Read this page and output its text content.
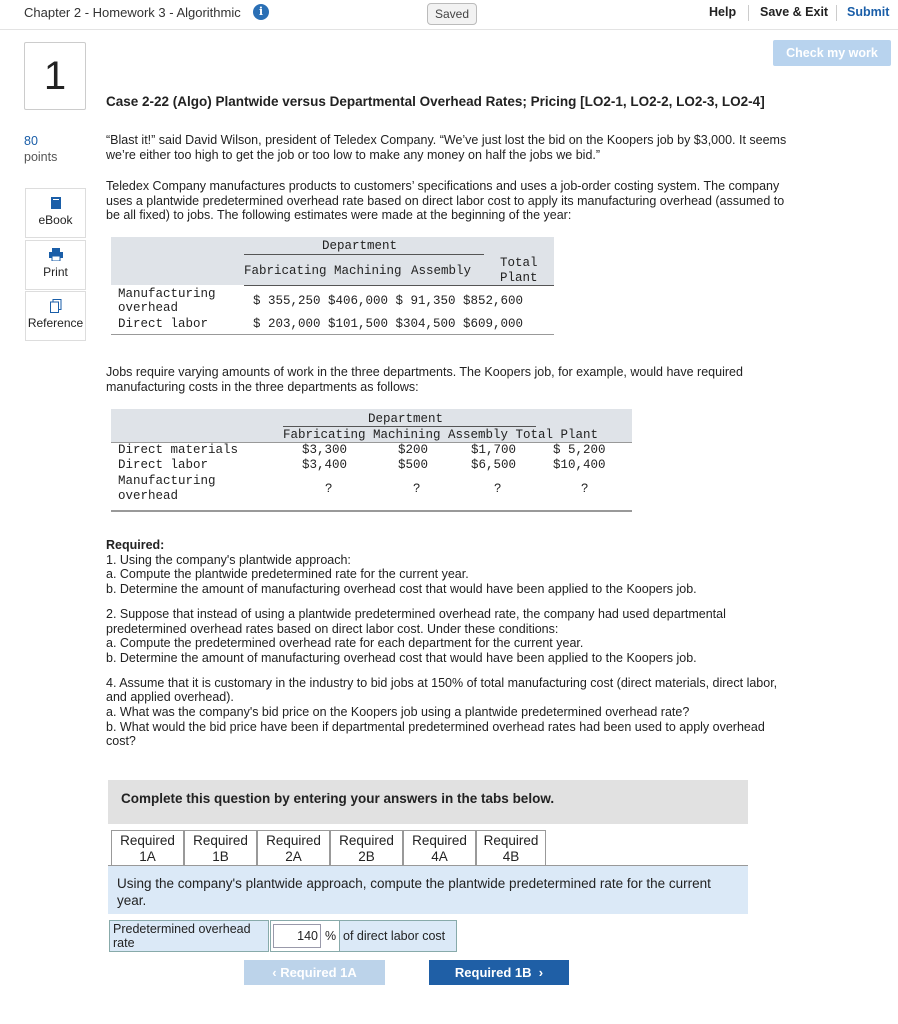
Chapter 2 - Homework 3 - Algorithmic	i	Saved	Help Save & Exit Submit
1
Check my work
80
points
eBook
Print
Reference
Case 2-22 (Algo) Plantwide versus Departmental Overhead Rates; Pricing [LO2-1, LO2-2, LO2-3, LO2-4]
“Blast it!” said David Wilson, president of Teledex Company. “We’ve just lost the bid on the Koopers job by $3,000. It seems we’re either too high to get the job or too low to make any money on half the jobs we bid.”
Teledex Company manufactures products to customers’ specifications and uses a job-order costing system. The company uses a plantwide predetermined overhead rate based on direct labor cost to apply its manufacturing overhead (assumed to be all fixed) to jobs. The following estimates were made at the beginning of the year:
Department
Fabricating Machining Assembly
Total
Plant
Manufacturing
overhead	$ 355,250 $406,000 $ 91,350 $852,600
Direct labor	$ 203,000 $101,500 $304,500 $609,000
Jobs require varying amounts of work in the three departments. The Koopers job, for example, would have required manufacturing costs in the three departments as follows:
Department
Fabricating Machining Assembly Total Plant
Direct materials	$3,300	$200	$1,700	$ 5,200
Direct labor	$3,400	$500	$6,500	$10,400
Manufacturing
overhead	?	?	?	?
Required:
1. Using the company's plantwide approach:
a. Compute the plantwide predetermined rate for the current year.
b. Determine the amount of manufacturing overhead cost that would have been applied to the Koopers job.
2. Suppose that instead of using a plantwide predetermined overhead rate, the company had used departmental predetermined overhead rates based on direct labor cost. Under these conditions:
a. Compute the predetermined overhead rate for each department for the current year.
b. Determine the amount of manufacturing overhead cost that would have been applied to the Koopers job.
4. Assume that it is customary in the industry to bid jobs at 150% of total manufacturing cost (direct materials, direct labor, and applied overhead).
a. What was the company's bid price on the Koopers job using a plantwide predetermined overhead rate?
b. What would the bid price have been if departmental predetermined overhead rates had been used to apply overhead cost?
Complete this question by entering your answers in the tabs below.
Required
1A
Required
1B
Required
2A
Required
2B
Required
4A
Required
4B
Using the company's plantwide approach, compute the plantwide predetermined rate for the current year.
Predetermined overhead rate	140 % of direct labor cost
‹ Required 1A	Required 1B  ›
